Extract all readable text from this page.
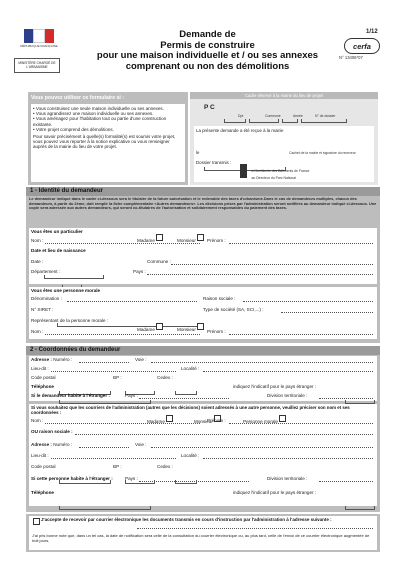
RÉPUBLIQUE FRANÇAISE
MINISTÈRE CHARGÉ DE L'URBANISME
Demande de
Permis de construire
pour une maison individuelle et / ou ses annexes
comprenant ou non des démolitions
1/12
cerfa
N° 13406*07
Vous pouvez utiliser ce formulaire si :
• Vous construisez une seule maison individuelle ou ses annexes.
• Vous agrandissez une maison individuelle ou ses annexes.
• Vous aménagez pour l'habitation tout ou partie d'une construction existante.
• Votre projet comprend des démolitions.
Pour savoir précisément à quelle(s) formalité(s) est soumis votre projet, vous pouvez vous reporter à la notice explicative ou vous renseigner auprès de la mairie du lieu de votre projet.
Cadre réservé à la mairie du lieu de projet
P C
Dpt	Commune	Année	N° de dossier
La présente demande a été reçue à la mairie
le	Cachet de la mairie et signature du receveur
Dossier transmis :
à l'Architecte des Bâtiments de France
au Directeur du Parc National
1 - Identité du demandeur
Le demandeur indiqué dans le cadre ci-dessous sera le titulaire de la future autorisation et le redevable des taxes d'urbanisme.Dans le cas de demandeurs multiples, chacun des demandeurs, à partir du 2ème, doit remplir la fiche complémentaire «Autres demandeurs». Les décisions prises par l'administration seront notifiées au demandeur indiqué ci-dessous. Une copie sera adressée aux autres demandeurs, qui seront co-titulaires de l'autorisation et solidairement responsables du paiement des taxes.
Vous êtes un particulier
Madame	Monsieur
Nom :	Prénom :
Date et lieu de naissance
Date :	Commune :
Département :	Pays :
Vous êtes une personne morale
Dénomination :	Raison sociale :
N° SIRET :	Type de société (SA, SCI,...) :
Représentant de la personne morale :
Madame	Monsieur
Nom :	Prénom :
2 - Coordonnées du demandeur
Adresse : Numéro :	Voie :
Lieu-dit :	Localité :
Code postal	BP :	Cedex :
Téléphone	indiquez l'indicatif pour le pays étranger :
Si le demandeur habite à l'étranger :	Pays :	Division territoriale :
Si vous souhaitez que les courriers de l'administration (autres que les décisions) soient adressés à une autre personne, veuillez préciser son nom et ses coordonnées :
Madame	Monsieur	Personne morale
Nom :	Prénom :
OU raison sociale :
Adresse : Numéro :	Voie :
Lieu-dit :	Localité :
Code postal	BP :	Cedex :
Si cette personne habite à l'étranger :	Pays :	Division territoriale :
Téléphone	indiquez l'indicatif pour le pays étranger :
J'accepte de recevoir par courrier électronique les documents transmis en cours d'instruction par l'administration à l'adresse suivante :
J'ai pris bonne note que, dans un tel cas, la date de notification sera celle de la consultation du courrier électronique ou, au plus tard, celle de l'envoi de ce courrier électronique augmentée de huit jours.
